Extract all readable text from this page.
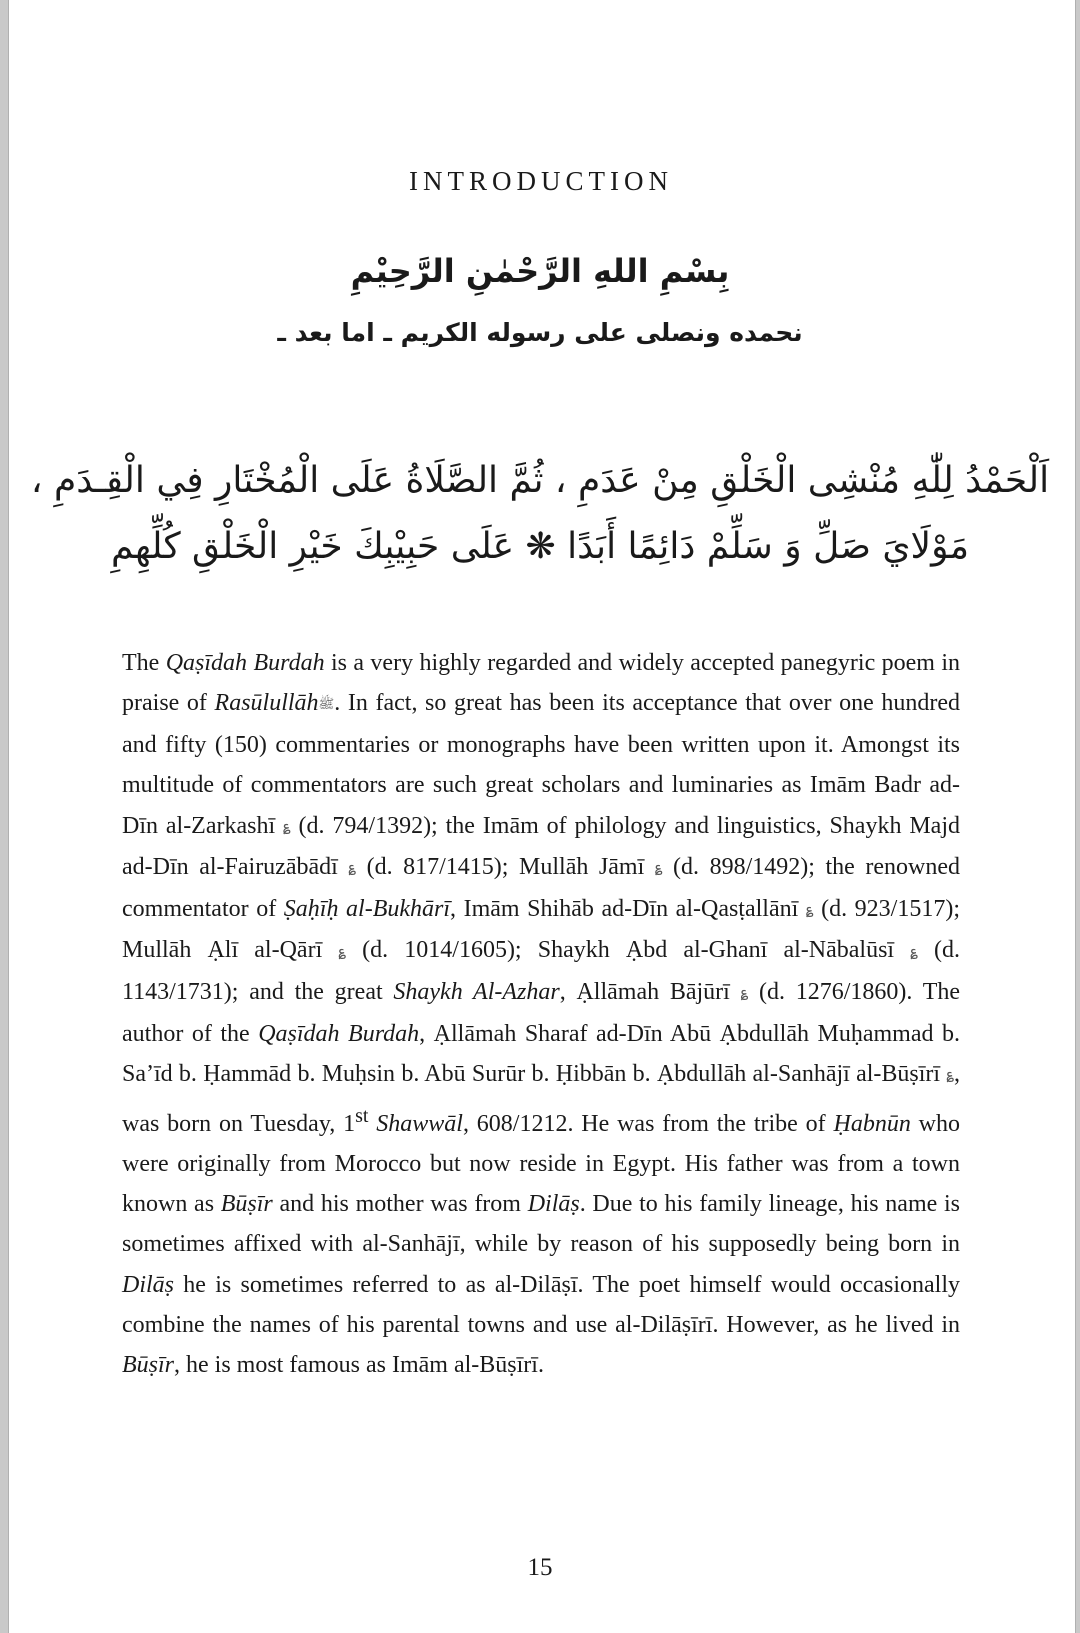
INTRODUCTION
بِسْمِ اللهِ الرَّحْمٰنِ الرَّحِيْمِ
نحمده ونصلى على رسوله الكريم ـ اما بعد ـ
اَلْحَمْدُ لِلّٰهِ مُنْشِى الْخَلْقِ مِنْ عَدَمِ ، ثُمَّ الصَّلَاةُ عَلَى الْمُخْتَارِ فِي الْقِـدَمِ ،
مَوْلَايَ صَلِّ وَ سَلِّمْ دَائِمًا أَبَدًا ❋ عَلَى حَبِيْبِكَ خَيْرِ الْخَلْقِ كُلِّهِمِ

The Qaṣīdah Burdah is a very highly regarded and widely accepted panegyric poem in praise of Rasūlullāhﷺ. In fact, so great has been its acceptance that over one hundred and fifty (150) commentaries or monographs have been written upon it. Amongst its multitude of commentators are such great scholars and luminaries as Imām Badr ad-Dīn al-Zarkashī ؏ (d. 794/1392); the Imām of philology and linguistics, Shaykh Majd ad-Dīn al-Fairuzābādī ؏ (d. 817/1415); Mullāh Jāmī ؏ (d. 898/1492); the renowned commentator of Ṣaḥīḥ al-Bukhārī, Imām Shihāb ad-Dīn al-Qasṭallānī ؏ (d. 923/1517); Mullāh Ạlī al-Qārī ؏ (d. 1014/1605); Shaykh Ạbd al-Ghanī al-Nābalūsī ؏ (d. 1143/1731); and the great Shaykh Al-Azhar, Ạllāmah Bājūrī ؏ (d. 1276/1860). The author of the Qaṣīdah Burdah, Ạllāmah Sharaf ad-Dīn Abū Ạbdullāh Muḥammad b. Sa’īd b. Ḥammād b. Muḥsin b. Abū Surūr b. Ḥibbān b. Ạbdullāh al-Sanhājī al-Būṣīrī ؏, was born on Tuesday, 1st Shawwāl, 608/1212. He was from the tribe of Ḥabnūn who were originally from Morocco but now reside in Egypt. His father was from a town known as Būṣīr and his mother was from Dilāṣ. Due to his family lineage, his name is sometimes affixed with al-Sanhājī, while by reason of his supposedly being born in Dilāṣ he is sometimes referred to as al-Dilāṣī. The poet himself would occasionally combine the names of his parental towns and use al-Dilāṣīrī. However, as he lived in Būṣīr, he is most famous as Imām al-Būṣīrī.

15
